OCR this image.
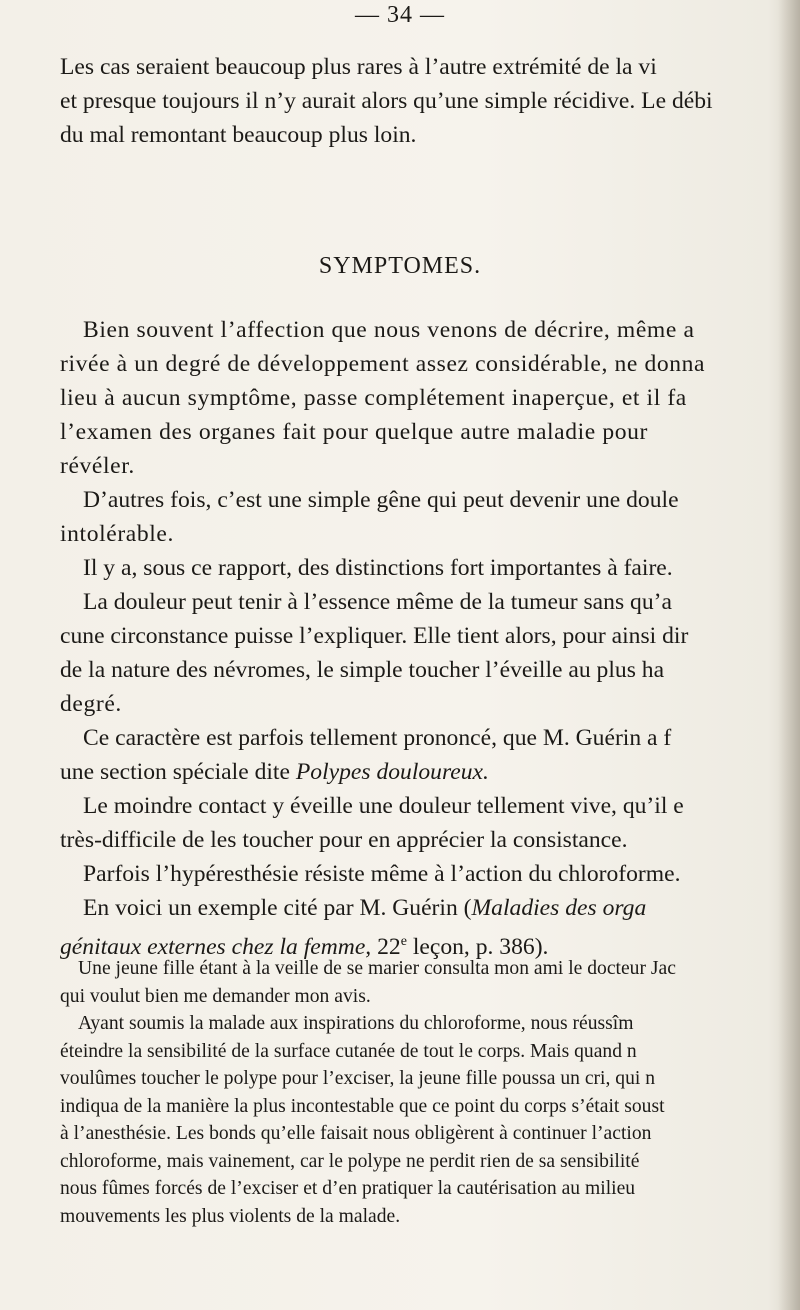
— 34 —
Les cas seraient beaucoup plus rares à l’autre extrémité de la vi
et presque toujours il n’y aurait alors qu’une simple récidive. Le débi
du mal remontant beaucoup plus loin.
SYMPTOMES.
Bien souvent l’affection que nous venons de décrire, même a
rivée à un degré de développement assez considérable, ne donna
lieu à aucun symptôme, passe complétement inaperçue, et il fa
l’examen des organes fait pour quelque autre maladie pour
révéler.
D’autres fois, c’est une simple gêne qui peut devenir une doule
intolérable.
Il y a, sous ce rapport, des distinctions fort importantes à faire.
La douleur peut tenir à l’essence même de la tumeur sans qu’a
cune circonstance puisse l’expliquer. Elle tient alors, pour ainsi dir
de la nature des névromes, le simple toucher l’éveille au plus ha
degré.
Ce caractère est parfois tellement prononcé, que M. Guérin a f
une section spéciale dite Polypes douloureux.
Le moindre contact y éveille une douleur tellement vive, qu’il e
très-difficile de les toucher pour en apprécier la consistance.
Parfois l’hypéresthésie résiste même à l’action du chloroforme.
En voici un exemple cité par M. Guérin (Maladies des orga
génitaux externes chez la femme, 22e leçon, p. 386).
Une jeune fille étant à la veille de se marier consulta mon ami le docteur Jac
qui voulut bien me demander mon avis.
Ayant soumis la malade aux inspirations du chloroforme, nous réussîm
éteindre la sensibilité de la surface cutanée de tout le corps. Mais quand n
voulûmes toucher le polype pour l’exciser, la jeune fille poussa un cri, qui n
indiqua de la manière la plus incontestable que ce point du corps s’était soust
à l’anesthésie. Les bonds qu’elle faisait nous obligèrent à continuer l’action
chloroforme, mais vainement, car le polype ne perdit rien de sa sensibilité
nous fûmes forcés de l’exciser et d’en pratiquer la cautérisation au milieu
mouvements les plus violents de la malade.
